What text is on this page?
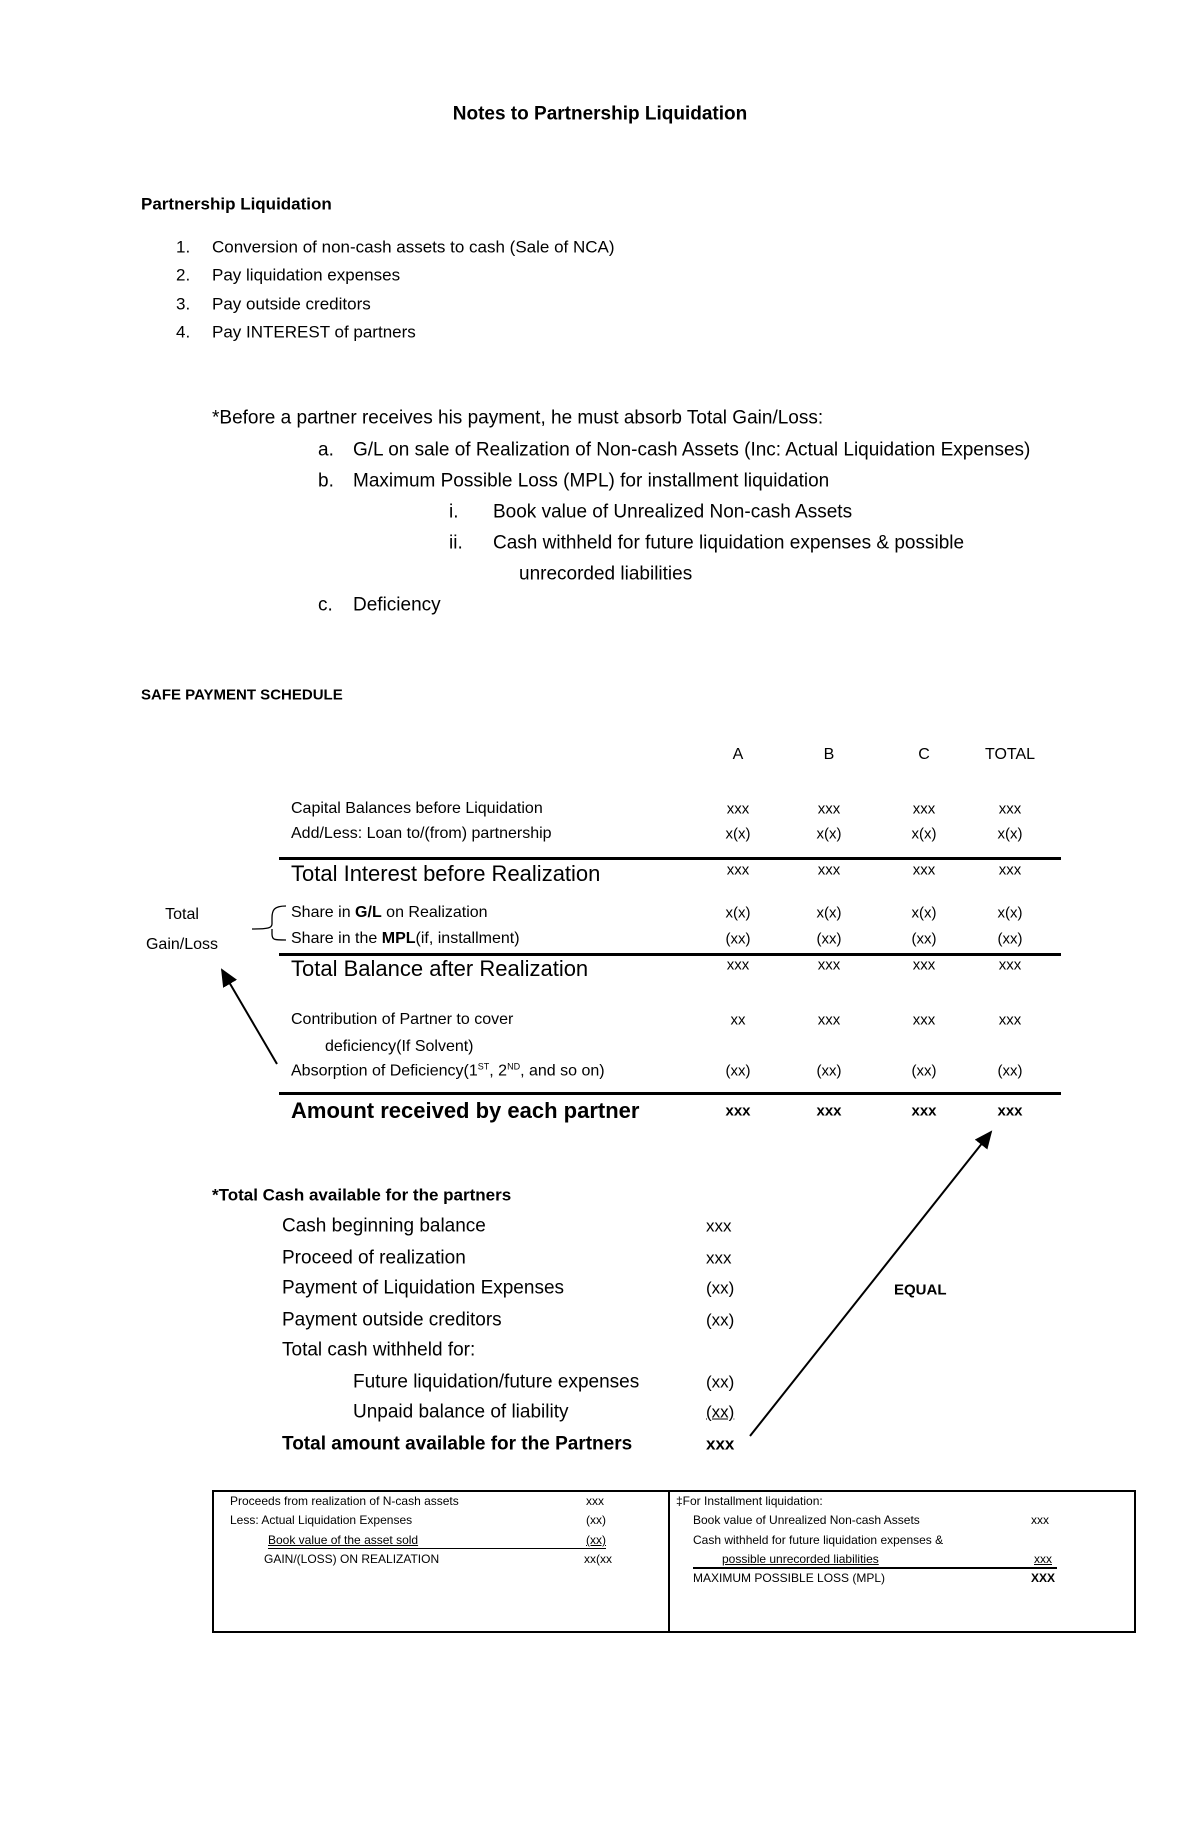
Notes to Partnership Liquidation
Partnership Liquidation
1. Conversion of non-cash assets to cash (Sale of NCA)
2. Pay liquidation expenses
3. Pay outside creditors
4. Pay INTEREST of partners
*Before a partner receives his payment, he must absorb Total Gain/Loss:
a. G/L on sale of Realization of Non-cash Assets (Inc: Actual Liquidation Expenses)
b. Maximum Possible Loss (MPL) for installment liquidation
i. Book value of Unrealized Non-cash Assets
ii. Cash withheld for future liquidation expenses & possible
unrecorded liabilities
c. Deficiency
SAFE PAYMENT SCHEDULE
A	B	C	TOTAL
Capital Balances before Liquidation	xxx	xxx	xxx	xxx
Add/Less: Loan to/(from) partnership	x(x)	x(x)	x(x)	x(x)
Total Interest before Realization	xxx	xxx	xxx	xxx
Share in G/L on Realization	x(x)	x(x)	x(x)	x(x)
Share in the MPL(if, installment)	(xx)	(xx)	(xx)	(xx)
Total Balance after Realization	xxx	xxx	xxx	xxx
Contribution of Partner to cover	xx	xxx	xxx	xxx
Absorption of Deficiency(1ST, 2ND, and so on)	(xx)	(xx)	(xx)	(xx)
Amount received by each partner	xxx	xxx	xxx	xxx
deficiency(If Solvent)
Total
Gain/Loss
*Total Cash available for the partners
Cash beginning balance	xxx
Proceed of realization	xxx
Payment of Liquidation Expenses	(xx)
Payment outside creditors	(xx)
Total cash withheld for:
Future liquidation/future expenses	(xx)
Unpaid balance of liability	(xx)
Total amount available for the Partners	xxx
EQUAL
Proceeds from realization of N-cash assets	xxx
Less: Actual Liquidation Expenses	(xx)
Book value of the asset sold	(xx)
GAIN/(LOSS) ON REALIZATION	xx(xx
‡For Installment liquidation:
Book value of Unrealized Non-cash Assets	xxx
Cash withheld for future liquidation expenses &
possible unrecorded liabilities	xxx
MAXIMUM POSSIBLE LOSS (MPL)	XXX
